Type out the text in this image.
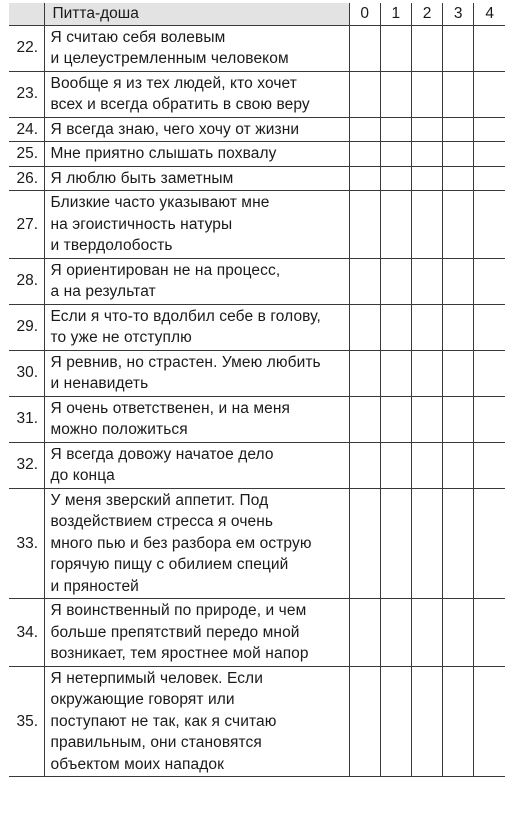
	Питта-доша	0	1	2	3	4
22.	Я считаю себя волевым
и целеустремленным человеком					

23.	Вообще я из тех людей, кто хочет
всех и всегда обратить в свою веру					

24.	Я всегда знаю, чего хочу от жизни					

25.	Мне приятно слышать похвалу					

26.	Я люблю быть заметным					

27.	Близкие часто указывают мне
на эгоистичность натуры
и твердолобость					

28.	Я ориентирован не на процесс,
а на результат					

29.	Если я что-то вдолбил себе в голову,
то уже не отступлю					

30.	Я ревнив, но страстен. Умею любить
и ненавидеть					

31.	Я очень ответственен, и на меня
можно положиться					

32.	Я всегда довожу начатое дело
до конца					

33.	У меня зверский аппетит. Под
воздействием стресса я очень
много пью и без разбора ем острую
горячую пищу с обилием специй
и пряностей					

34.	Я воинственный по природе, и чем
больше препятствий передо мной
возникает, тем яростнее мой напор					

35.	Я нетерпимый человек. Если
окружающие говорят или
поступают не так, как я считаю
правильным, они становятся
объектом моих нападок					
